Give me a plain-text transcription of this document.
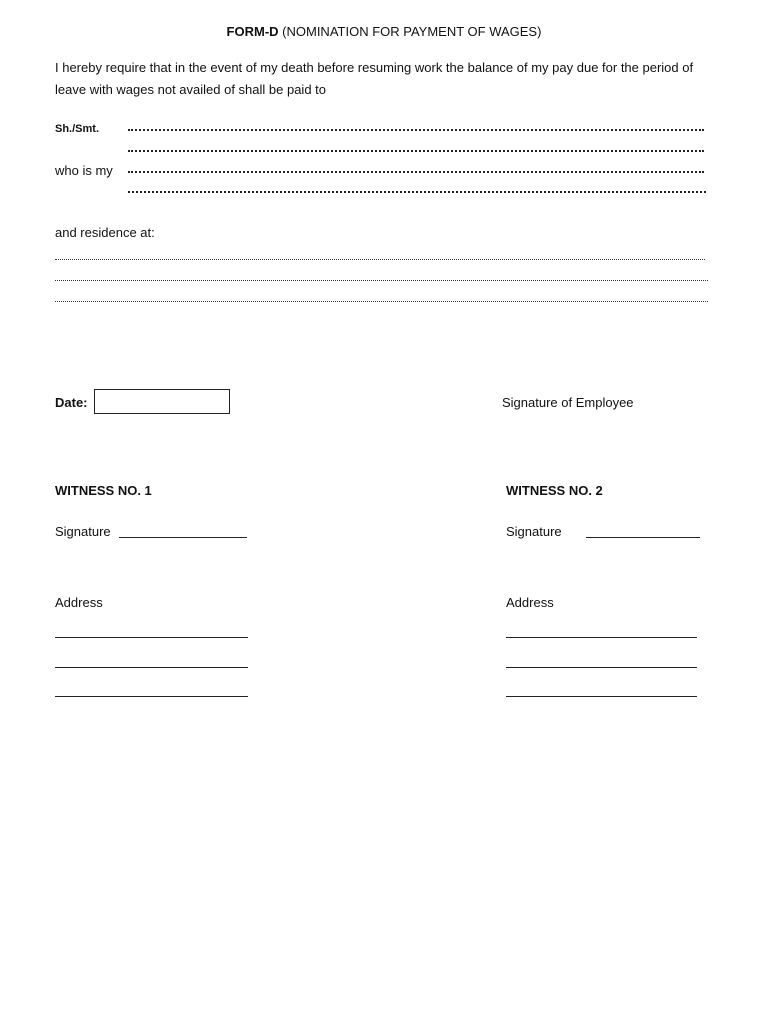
FORM-D (NOMINATION FOR PAYMENT OF WAGES)
I hereby require that in the event of my death before resuming work the balance of my pay due for the period of leave with wages not availed of shall be paid to
Sh./Smt.
who is my
and residence at:
Date:	Signature of Employee
WITNESS NO. 1
Signature
Address
WITNESS NO. 2
Signature
Address
